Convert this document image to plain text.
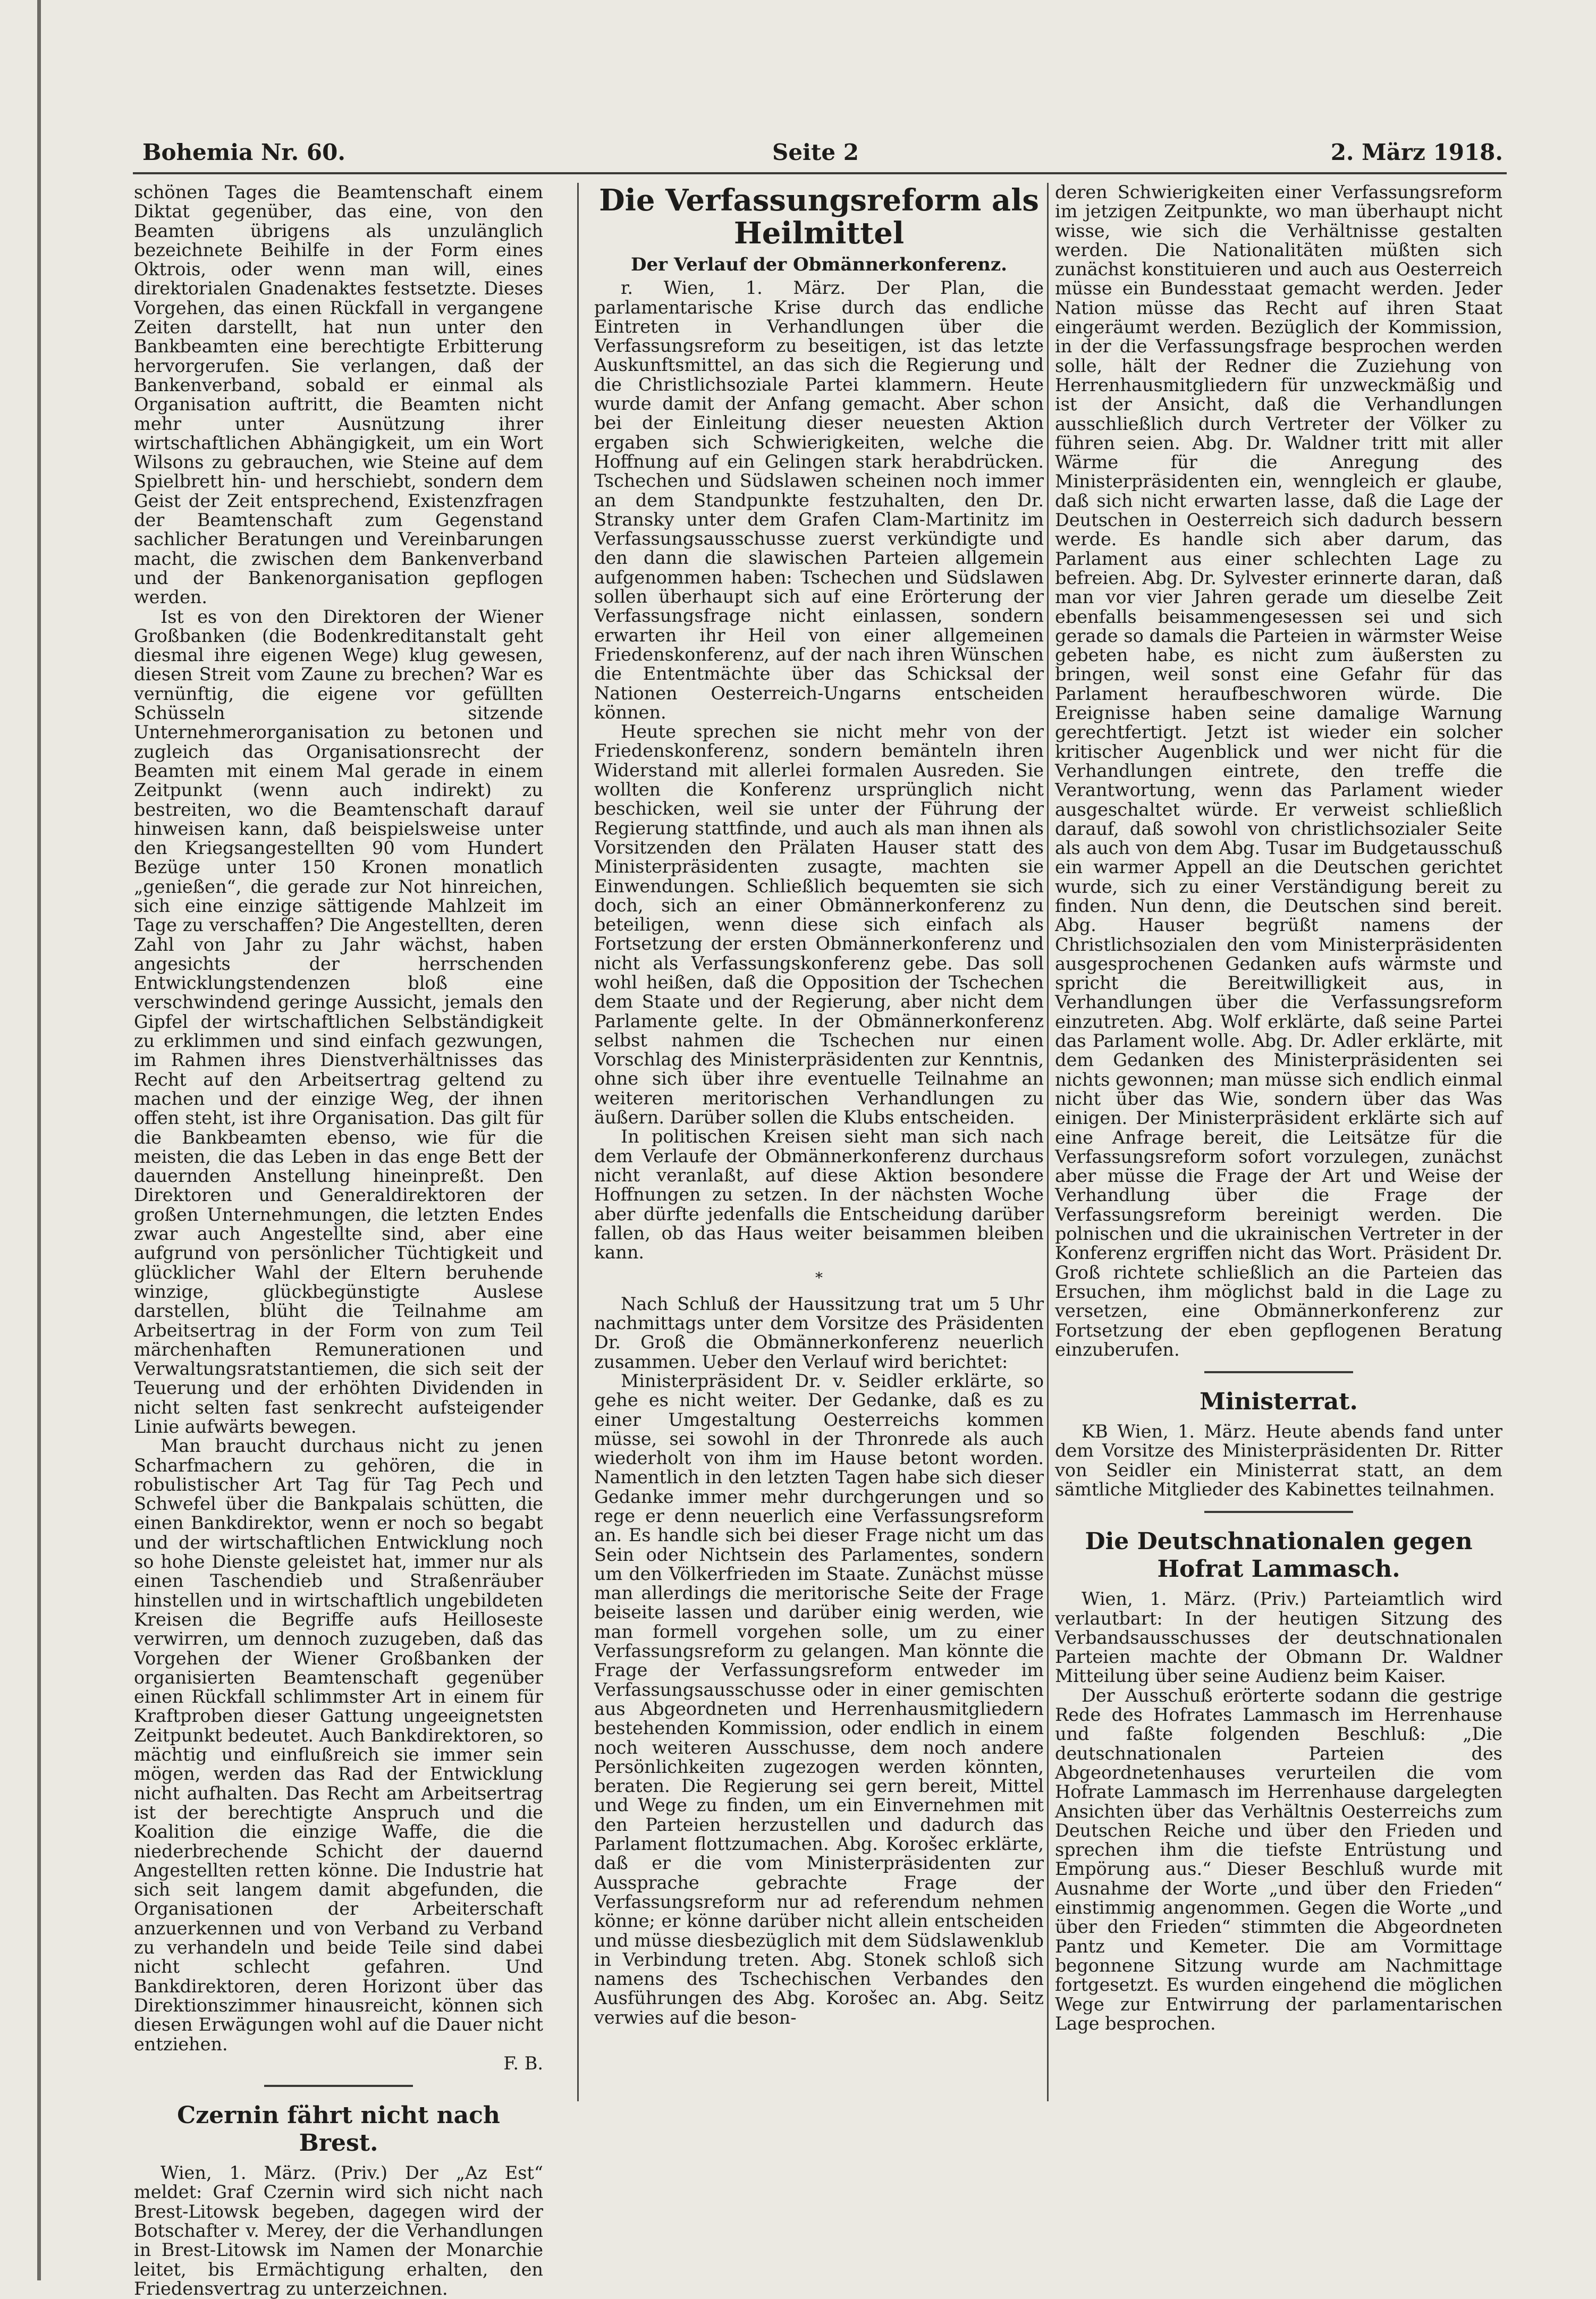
Bohemia Nr. 60.	Seite 2	2. März 1918.

schönen Tages die Beamtenschaft einem Diktat gegenüber, das eine, von den Beamten übrigens als unzulänglich bezeichnete Beihilfe in der Form eines Oktrois, oder wenn man will, eines direktorialen Gnadenaktes festsetzte. Dieses Vorgehen, das einen Rückfall in vergangene Zeiten darstellt, hat nun unter den Bankbeamten eine berechtigte Erbitterung hervorgerufen. Sie verlangen, daß der Bankenverband, sobald er einmal als Organisation auftritt, die Beamten nicht mehr unter Ausnützung ihrer wirtschaftlichen Abhängigkeit, um ein Wort Wilsons zu gebrauchen, wie Steine auf dem Spielbrett hin- und herschiebt, sondern dem Geist der Zeit entsprechend, Existenzfragen der Beamtenschaft zum Gegenstand sachlicher Beratungen und Vereinbarungen macht, die zwischen dem Bankenverband und der Bankenorganisation gepflogen werden.

Ist es von den Direktoren der Wiener Großbanken (die Bodenkreditanstalt geht diesmal ihre eigenen Wege) klug gewesen, diesen Streit vom Zaune zu brechen? War es vernünftig, die eigene vor gefüllten Schüsseln sitzende Unternehmerorganisation zu betonen und zugleich das Organisationsrecht der Beamten mit einem Mal gerade in einem Zeitpunkt (wenn auch indirekt) zu bestreiten, wo die Beamtenschaft darauf hinweisen kann, daß beispielsweise unter den Kriegsangestellten 90 vom Hundert Bezüge unter 150 Kronen monatlich „genießen“, die gerade zur Not hinreichen, sich eine einzige sättigende Mahlzeit im Tage zu verschaffen? Die Angestellten, deren Zahl von Jahr zu Jahr wächst, haben angesichts der herrschenden Entwicklungstendenzen bloß eine verschwindend geringe Aussicht, jemals den Gipfel der wirtschaftlichen Selbständigkeit zu erklimmen und sind einfach gezwungen, im Rahmen ihres Dienstverhältnisses das Recht auf den Arbeitsertrag geltend zu machen und der einzige Weg, der ihnen offen steht, ist ihre Organisation. Das gilt für die Bankbeamten ebenso, wie für die meisten, die das Leben in das enge Bett der dauernden Anstellung hineinpreßt. Den Direktoren und Generaldirektoren der großen Unternehmungen, die letzten Endes zwar auch Angestellte sind, aber eine aufgrund von persönlicher Tüchtigkeit und glücklicher Wahl der Eltern beruhende winzige, glückbegünstigte Auslese darstellen, blüht die Teilnahme am Arbeitsertrag in der Form von zum Teil märchenhaften Remunerationen und Verwaltungsratstantiemen, die sich seit der Teuerung und der erhöhten Dividenden in nicht selten fast senkrecht aufsteigender Linie aufwärts bewegen.

Man braucht durchaus nicht zu jenen Scharfmachern zu gehören, die in robulistischer Art Tag für Tag Pech und Schwefel über die Bankpalais schütten, die einen Bankdirektor, wenn er noch so begabt und der wirtschaftlichen Entwicklung noch so hohe Dienste geleistet hat, immer nur als einen Taschendieb und Straßenräuber hinstellen und in wirtschaftlich ungebildeten Kreisen die Begriffe aufs Heilloseste verwirren, um dennoch zuzugeben, daß das Vorgehen der Wiener Großbanken der organisierten Beamtenschaft gegenüber einen Rückfall schlimmster Art in einem für Kraftproben dieser Gattung ungeeignetsten Zeitpunkt bedeutet. Auch Bankdirektoren, so mächtig und einflußreich sie immer sein mögen, werden das Rad der Entwicklung nicht aufhalten. Das Recht am Arbeitsertrag ist der berechtigte Anspruch und die Koalition die einzige Waffe, die die niederbrechende Schicht der dauernd Angestellten retten könne. Die Industrie hat sich seit langem damit abgefunden, die Organisationen der Arbeiterschaft anzuerkennen und von Verband zu Verband zu verhandeln und beide Teile sind dabei nicht schlecht gefahren. Und Bankdirektoren, deren Horizont über das Direktionszimmer hinausreicht, können sich diesen Erwägungen wohl auf die Dauer nicht entziehen.

F. B.

Czernin fährt nicht nach Brest.

Wien, 1. März. (Priv.) Der „Az Est“ meldet: Graf Czernin wird sich nicht nach Brest-Litowsk begeben, dagegen wird der Botschafter v. Merey, der die Verhandlungen in Brest-Litowsk im Namen der Monarchie leitet, bis Ermächtigung erhalten, den Friedensvertrag zu unterzeichnen.

Die Verfassungsreform als Heilmittel
Der Verlauf der Obmännerkonferenz.

r. Wien, 1. März. Der Plan, die parlamentarische Krise durch das endliche Eintreten in Verhandlungen über die Verfassungsreform zu beseitigen, ist das letzte Auskunftsmittel, an das sich die Regierung und die Christlichsoziale Partei klammern. Heute wurde damit der Anfang gemacht. Aber schon bei der Einleitung dieser neuesten Aktion ergaben sich Schwierigkeiten, welche die Hoffnung auf ein Gelingen stark herabdrücken. Tschechen und Südslawen scheinen noch immer an dem Standpunkte festzuhalten, den Dr. Stransky unter dem Grafen Clam-Martinitz im Verfassungsausschusse zuerst verkündigte und den dann die slawischen Parteien allgemein aufgenommen haben: Tschechen und Südslawen sollen überhaupt sich auf eine Erörterung der Verfassungsfrage nicht einlassen, sondern erwarten ihr Heil von einer allgemeinen Friedenskonferenz, auf der nach ihren Wünschen die Ententmächte über das Schicksal der Nationen Oesterreich-Ungarns entscheiden können.

Heute sprechen sie nicht mehr von der Friedenskonferenz, sondern bemänteln ihren Widerstand mit allerlei formalen Ausreden. Sie wollten die Konferenz ursprünglich nicht beschicken, weil sie unter der Führung der Regierung stattfinde, und auch als man ihnen als Vorsitzenden den Prälaten Hauser statt des Ministerpräsidenten zusagte, machten sie Einwendungen. Schließlich bequemten sie sich doch, sich an einer Obmännerkonferenz zu beteiligen, wenn diese sich einfach als Fortsetzung der ersten Obmännerkonferenz und nicht als Verfassungskonferenz gebe. Das soll wohl heißen, daß die Opposition der Tschechen dem Staate und der Regierung, aber nicht dem Parlamente gelte. In der Obmännerkonferenz selbst nahmen die Tschechen nur einen Vorschlag des Ministerpräsidenten zur Kenntnis, ohne sich über ihre eventuelle Teilnahme an weiteren meritorischen Verhandlungen zu äußern. Darüber sollen die Klubs entscheiden.

In politischen Kreisen sieht man sich nach dem Verlaufe der Obmännerkonferenz durchaus nicht veranlaßt, auf diese Aktion besondere Hoffnungen zu setzen. In der nächsten Woche aber dürfte jedenfalls die Entscheidung darüber fallen, ob das Haus weiter beisammen bleiben kann.

*

Nach Schluß der Haussitzung trat um 5 Uhr nachmittags unter dem Vorsitze des Präsidenten Dr. Groß die Obmännerkonferenz neuerlich zusammen. Ueber den Verlauf wird berichtet:

Ministerpräsident Dr. v. Seidler erklärte, so gehe es nicht weiter. Der Gedanke, daß es zu einer Umgestaltung Oesterreichs kommen müsse, sei sowohl in der Thronrede als auch wiederholt von ihm im Hause betont worden. Namentlich in den letzten Tagen habe sich dieser Gedanke immer mehr durchgerungen und so rege er denn neuerlich eine Verfassungsreform an. Es handle sich bei dieser Frage nicht um das Sein oder Nichtsein des Parlamentes, sondern um den Völkerfrieden im Staate. Zunächst müsse man allerdings die meritorische Seite der Frage beiseite lassen und darüber einig werden, wie man formell vorgehen solle, um zu einer Verfassungsreform zu gelangen. Man könnte die Frage der Verfassungsreform entweder im Verfassungsausschusse oder in einer gemischten aus Abgeordneten und Herrenhausmitgliedern bestehenden Kommission, oder endlich in einem noch weiteren Ausschusse, dem noch andere Persönlichkeiten zugezogen werden könnten, beraten. Die Regierung sei gern bereit, Mittel und Wege zu finden, um ein Einvernehmen mit den Parteien herzustellen und dadurch das Parlament flottzumachen. Abg. Korošec erklärte, daß er die vom Ministerpräsidenten zur Aussprache gebrachte Frage der Verfassungsreform nur ad referendum nehmen könne; er könne darüber nicht allein entscheiden und müsse diesbezüglich mit dem Südslawenklub in Verbindung treten. Abg. Stonek schloß sich namens des Tschechischen Verbandes den Ausführungen des Abg. Korošec an. Abg. Seitz verwies auf die beson-

deren Schwierigkeiten einer Verfassungsreform im jetzigen Zeitpunkte, wo man überhaupt nicht wisse, wie sich die Verhältnisse gestalten werden. Die Nationalitäten müßten sich zunächst konstituieren und auch aus Oesterreich müsse ein Bundesstaat gemacht werden. Jeder Nation müsse das Recht auf ihren Staat eingeräumt werden. Bezüglich der Kommission, in der die Verfassungsfrage besprochen werden solle, hält der Redner die Zuziehung von Herrenhausmitgliedern für unzweckmäßig und ist der Ansicht, daß die Verhandlungen ausschließlich durch Vertreter der Völker zu führen seien. Abg. Dr. Waldner tritt mit aller Wärme für die Anregung des Ministerpräsidenten ein, wenngleich er glaube, daß sich nicht erwarten lasse, daß die Lage der Deutschen in Oesterreich sich dadurch bessern werde. Es handle sich aber darum, das Parlament aus einer schlechten Lage zu befreien. Abg. Dr. Sylvester erinnerte daran, daß man vor vier Jahren gerade um dieselbe Zeit ebenfalls beisammengesessen sei und sich gerade so damals die Parteien in wärmster Weise gebeten habe, es nicht zum äußersten zu bringen, weil sonst eine Gefahr für das Parlament heraufbeschworen würde. Die Ereignisse haben seine damalige Warnung gerechtfertigt. Jetzt ist wieder ein solcher kritischer Augenblick und wer nicht für die Verhandlungen eintrete, den treffe die Verantwortung, wenn das Parlament wieder ausgeschaltet würde. Er verweist schließlich darauf, daß sowohl von christlichsozialer Seite als auch von dem Abg. Tusar im Budgetausschuß ein warmer Appell an die Deutschen gerichtet wurde, sich zu einer Verständigung bereit zu finden. Nun denn, die Deutschen sind bereit. Abg. Hauser begrüßt namens der Christlichsozialen den vom Ministerpräsidenten ausgesprochenen Gedanken aufs wärmste und spricht die Bereitwilligkeit aus, in Verhandlungen über die Verfassungsreform einzutreten. Abg. Wolf erklärte, daß seine Partei das Parlament wolle. Abg. Dr. Adler erklärte, mit dem Gedanken des Ministerpräsidenten sei nichts gewonnen; man müsse sich endlich einmal nicht über das Wie, sondern über das Was einigen. Der Ministerpräsident erklärte sich auf eine Anfrage bereit, die Leitsätze für die Verfassungsreform sofort vorzulegen, zunächst aber müsse die Frage der Art und Weise der Verhandlung über die Frage der Verfassungsreform bereinigt werden. Die polnischen und die ukrainischen Vertreter in der Konferenz ergriffen nicht das Wort. Präsident Dr. Groß richtete schließlich an die Parteien das Ersuchen, ihm möglichst bald in die Lage zu versetzen, eine Obmännerkonferenz zur Fortsetzung der eben gepflogenen Beratung einzuberufen.

Ministerrat.

KB Wien, 1. März. Heute abends fand unter dem Vorsitze des Ministerpräsidenten Dr. Ritter von Seidler ein Ministerrat statt, an dem sämtliche Mitglieder des Kabinettes teilnahmen.

Die Deutschnationalen gegen Hofrat Lammasch.

Wien, 1. März. (Priv.) Parteiamtlich wird verlautbart: In der heutigen Sitzung des Verbandsausschusses der deutschnationalen Parteien machte der Obmann Dr. Waldner Mitteilung über seine Audienz beim Kaiser.

Der Ausschuß erörterte sodann die gestrige Rede des Hofrates Lammasch im Herrenhause und faßte folgenden Beschluß: „Die deutschnationalen Parteien des Abgeordnetenhauses verurteilen die vom Hofrate Lammasch im Herrenhause dargelegten Ansichten über das Verhältnis Oesterreichs zum Deutschen Reiche und über den Frieden und sprechen ihm die tiefste Entrüstung und Empörung aus.“ Dieser Beschluß wurde mit Ausnahme der Worte „und über den Frieden“ einstimmig angenommen. Gegen die Worte „und über den Frieden“ stimmten die Abgeordneten Pantz und Kemeter. Die am Vormittage begonnene Sitzung wurde am Nachmittage fortgesetzt. Es wurden eingehend die möglichen Wege zur Entwirrung der parlamentarischen Lage besprochen.
